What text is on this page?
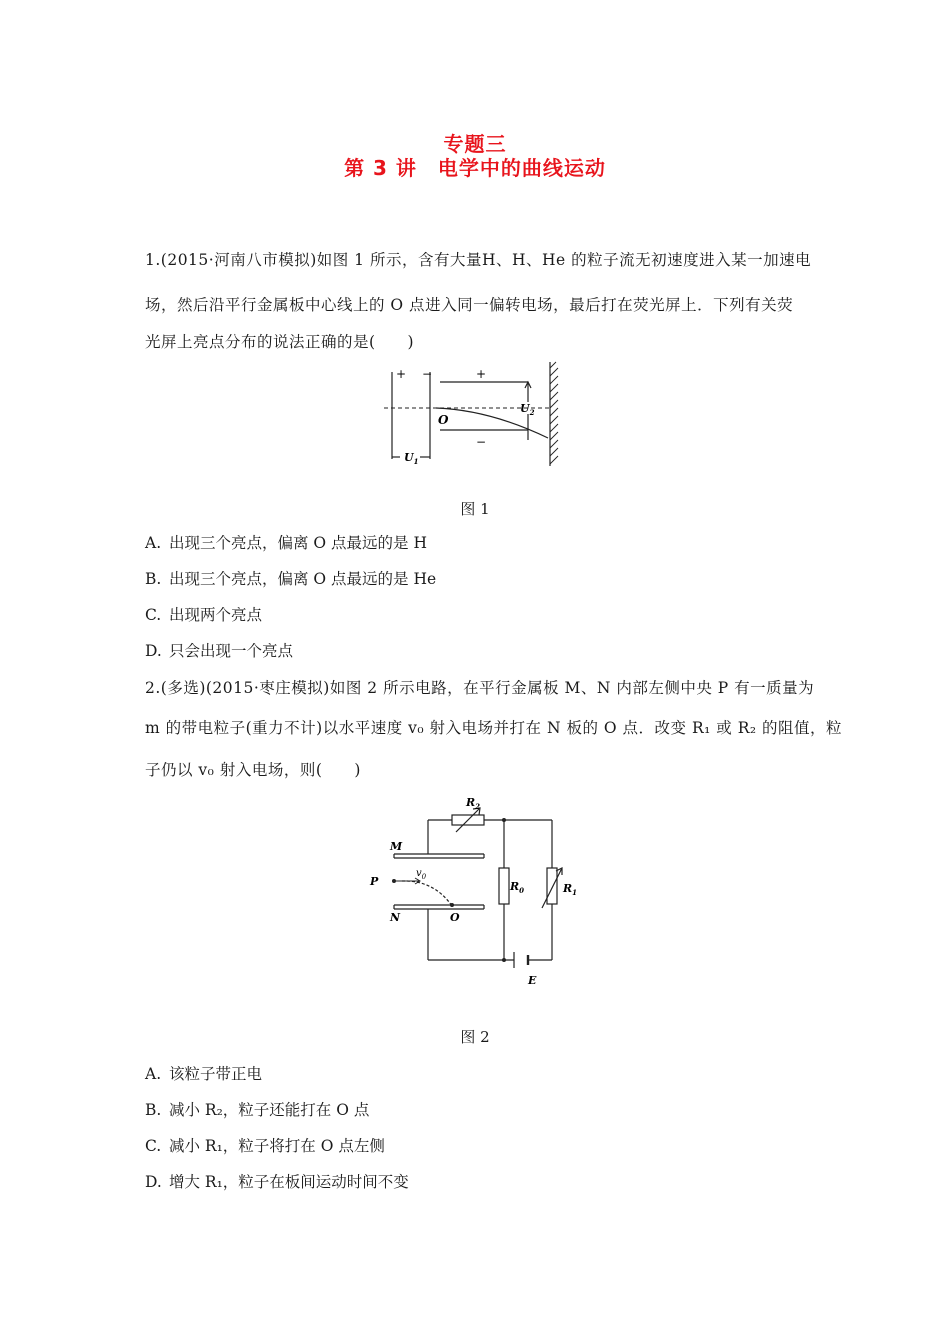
专题三
第 3 讲　电学中的曲线运动
1.(2015·河南八市模拟)如图 1 所示，含有大量H、H、He 的粒子流无初速度进入某一加速电
场，然后沿平行金属板中心线上的 O 点进入同一偏转电场，最后打在荧光屏上．下列有关荧
光屏上亮点分布的说法正确的是(　　)
+ −	+
−
O
$U_1$
$U_2$
图 1
A. 出现三个亮点，偏离 O 点最远的是 H
B. 出现三个亮点，偏离 O 点最远的是 He
C. 出现两个亮点
D. 只会出现一个亮点
2.(多选)(2015·枣庄模拟)如图 2 所示电路，在平行金属板 M、N 内部左侧中央 P 有一质量为
m 的带电粒子(重力不计)以水平速度 v₀ 射入电场并打在 N 板的 O 点．改变 R₁ 或 R₂ 的阻值，粒
子仍以 v₀ 射入电场，则(　　)
$R_2$
M
P
$v_0$
$R_0$	$R_1$
N	O
E
图 2
A. 该粒子带正电
B. 减小 R₂，粒子还能打在 O 点
C. 减小 R₁，粒子将打在 O 点左侧
D. 增大 R₁，粒子在板间运动时间不变
